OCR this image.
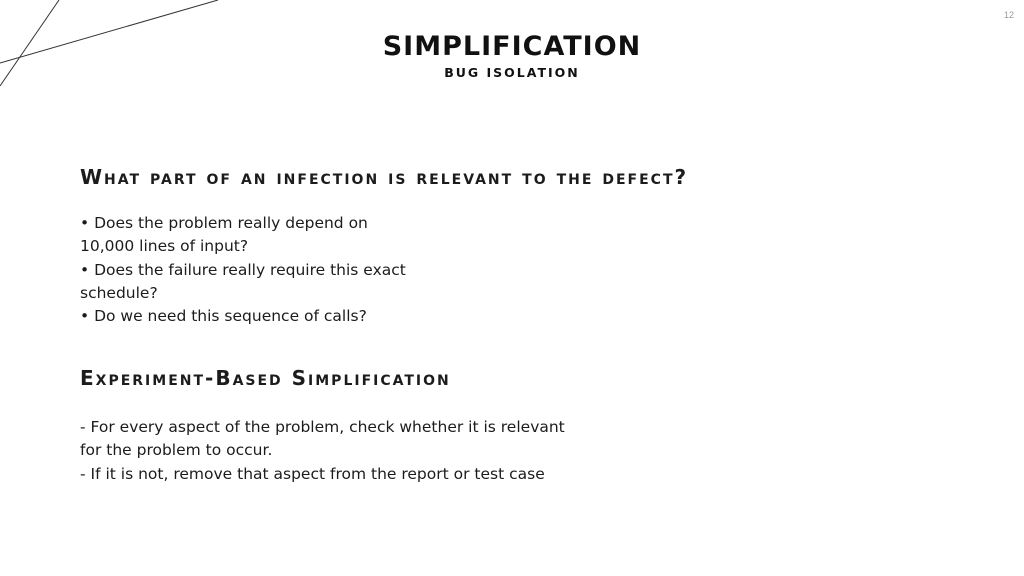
12
SIMPLIFICATION
BUG ISOLATION
What part of an infection is relevant to the defect?
• Does the problem really depend on
10,000 lines of input?
• Does the failure really require this exact
schedule?
• Do we need this sequence of calls?
Experiment-Based Simplification
- For every aspect of the problem, check whether it is relevant
for the problem to occur.
- If it is not, remove that aspect from the report or test case
